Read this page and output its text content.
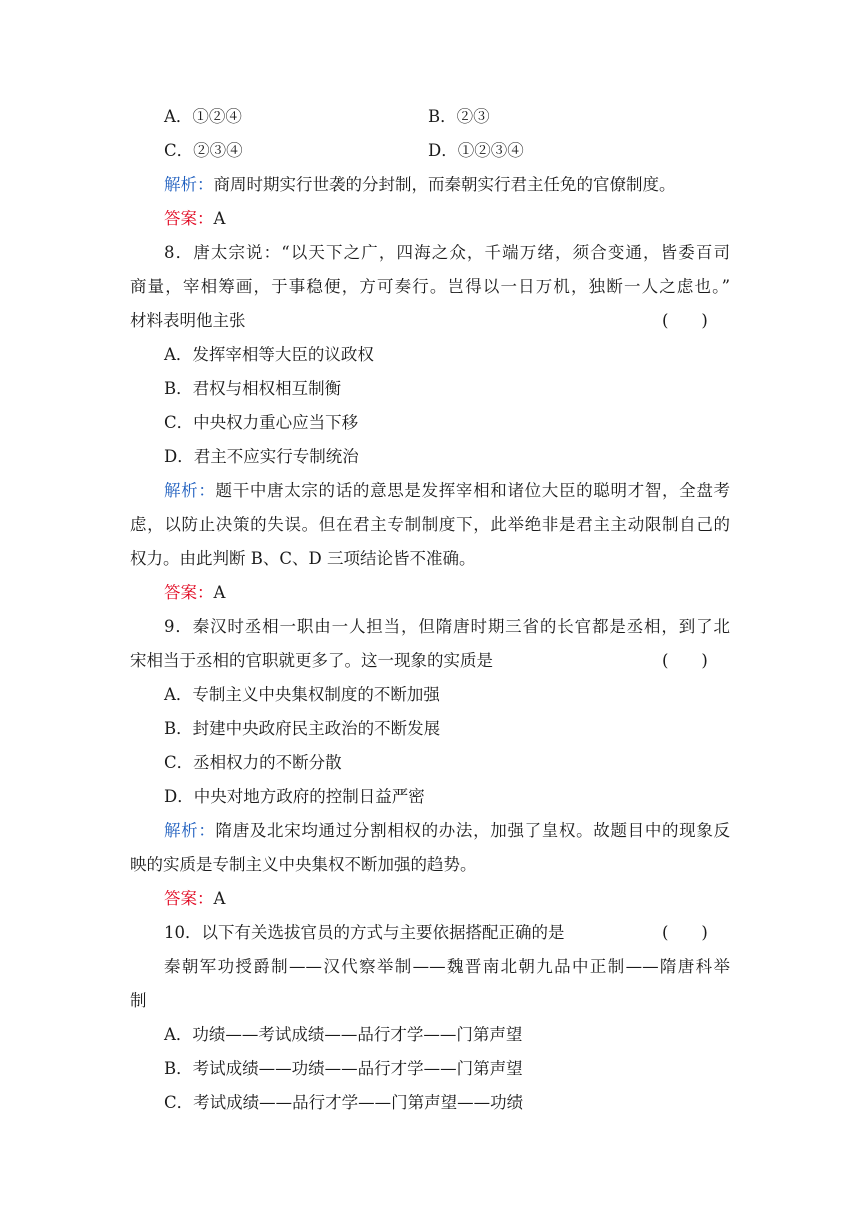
A．①②④	B．②③
C．②③④	D．①②③④
解析：商周时期实行世袭的分封制，而秦朝实行君主任免的官僚制度。
答案：A
8．唐太宗说：“以天下之广，四海之众，千端万绪，须合变通，皆委百司
商量，宰相筹画，于事稳便，方可奏行。岂得以一日万机，独断一人之虑也。”
材料表明他主张	(　　)
A．发挥宰相等大臣的议政权
B．君权与相权相互制衡
C．中央权力重心应当下移
D．君主不应实行专制统治
解析：题干中唐太宗的话的意思是发挥宰相和诸位大臣的聪明才智，全盘考
虑，以防止决策的失误。但在君主专制制度下，此举绝非是君主主动限制自己的
权力。由此判断 B、C、D 三项结论皆不准确。
答案：A
9．秦汉时丞相一职由一人担当，但隋唐时期三省的长官都是丞相，到了北
宋相当于丞相的官职就更多了。这一现象的实质是	(　　)
A．专制主义中央集权制度的不断加强
B．封建中央政府民主政治的不断发展
C．丞相权力的不断分散
D．中央对地方政府的控制日益严密
解析：隋唐及北宋均通过分割相权的办法，加强了皇权。故题目中的现象反
映的实质是专制主义中央集权不断加强的趋势。
答案：A
10．以下有关选拔官员的方式与主要依据搭配正确的是	(　　)
秦朝军功授爵制——汉代察举制——魏晋南北朝九品中正制——隋唐科举
制
A．功绩——考试成绩——品行才学——门第声望
B．考试成绩——功绩——品行才学——门第声望
C．考试成绩——品行才学——门第声望——功绩
